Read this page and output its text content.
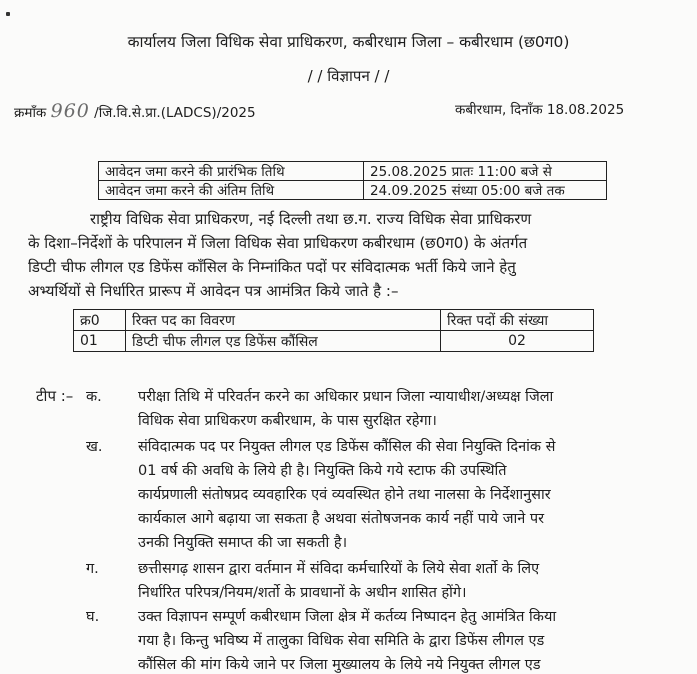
कार्यालय जिला विधिक सेवा प्राधिकरण, कबीरधाम जिला – कबीरधाम (छ0ग0)
/ / विज्ञापन / /
क्रमाँक 960 /जि.वि.से.प्रा.(LADCS)/2025	कबीरधाम, दिनाँक 18.08.2025
आवेदन जमा करने की प्रारंभिक तिथि	25.08.2025 प्रातः 11:00 बजे से
आवेदन जमा करने की अंतिम तिथि	24.09.2025 संध्या 05:00 बजे तक
राष्ट्रीय विधिक सेवा प्राधिकरण, नई दिल्ली तथा छ.ग. राज्य विधिक सेवा प्राधिकरण
के दिशा–निर्देशों के परिपालन में जिला विधिक सेवा प्राधिकरण कबीरधाम (छ0ग0) के अंतर्गत
डिप्टी चीफ लीगल एड डिफेंस कॉंसिल के निम्नांकित पदों पर संविदात्मक भर्ती किये जाने हेतु
अभ्यर्थियों से निर्धारित प्रारूप में आवेदन पत्र आमंत्रित किये जाते है :–
क्र0	रिक्त पद का विवरण	रिक्त पदों की संख्या
01	डिप्टी चीफ लीगल एड डिफेंस कौंसिल	02
टीप :– क.	परीक्षा तिथि में परिवर्तन करने का अधिकार प्रधान जिला न्यायाधीश/अध्यक्ष जिला
विधिक सेवा प्राधिकरण कबीरधाम, के पास सुरक्षित रहेगा।
ख. संविदात्मक पद पर नियुक्त लीगल एड डिफेंस कौंसिल की सेवा नियुक्ति दिनांक से
01 वर्ष की अवधि के लिये ही है। नियुक्ति किये गये स्टाफ की उपस्थिति
कार्यप्रणाली संतोषप्रद व्यवहारिक एवं व्यवस्थित होने तथा नालसा के निर्देशानुसार
कार्यकाल आगे बढ़ाया जा सकता है अथवा संतोषजनक कार्य नहीं पाये जाने पर
उनकी नियुक्ति समाप्त की जा सकती है।
ग.	छत्तीसगढ़ शासन द्वारा वर्तमान में संविदा कर्मचारियों के लिये सेवा शर्तो के लिए
निर्धारित परिपत्र/नियम/शर्तो के प्रावधानों के अधीन शासित होंगे।
घ.	उक्त विज्ञापन सम्पूर्ण कबीरधाम जिला क्षेत्र में कर्तव्य निष्पादन हेतु आमंत्रित किया
गया है। किन्तु भविष्य में तालुका विधिक सेवा समिति के द्वारा डिफेंस लीगल एड
कौंसिल की मांग किये जाने पर जिला मुख्यालय के लिये नये नियुक्त लीगल एड
